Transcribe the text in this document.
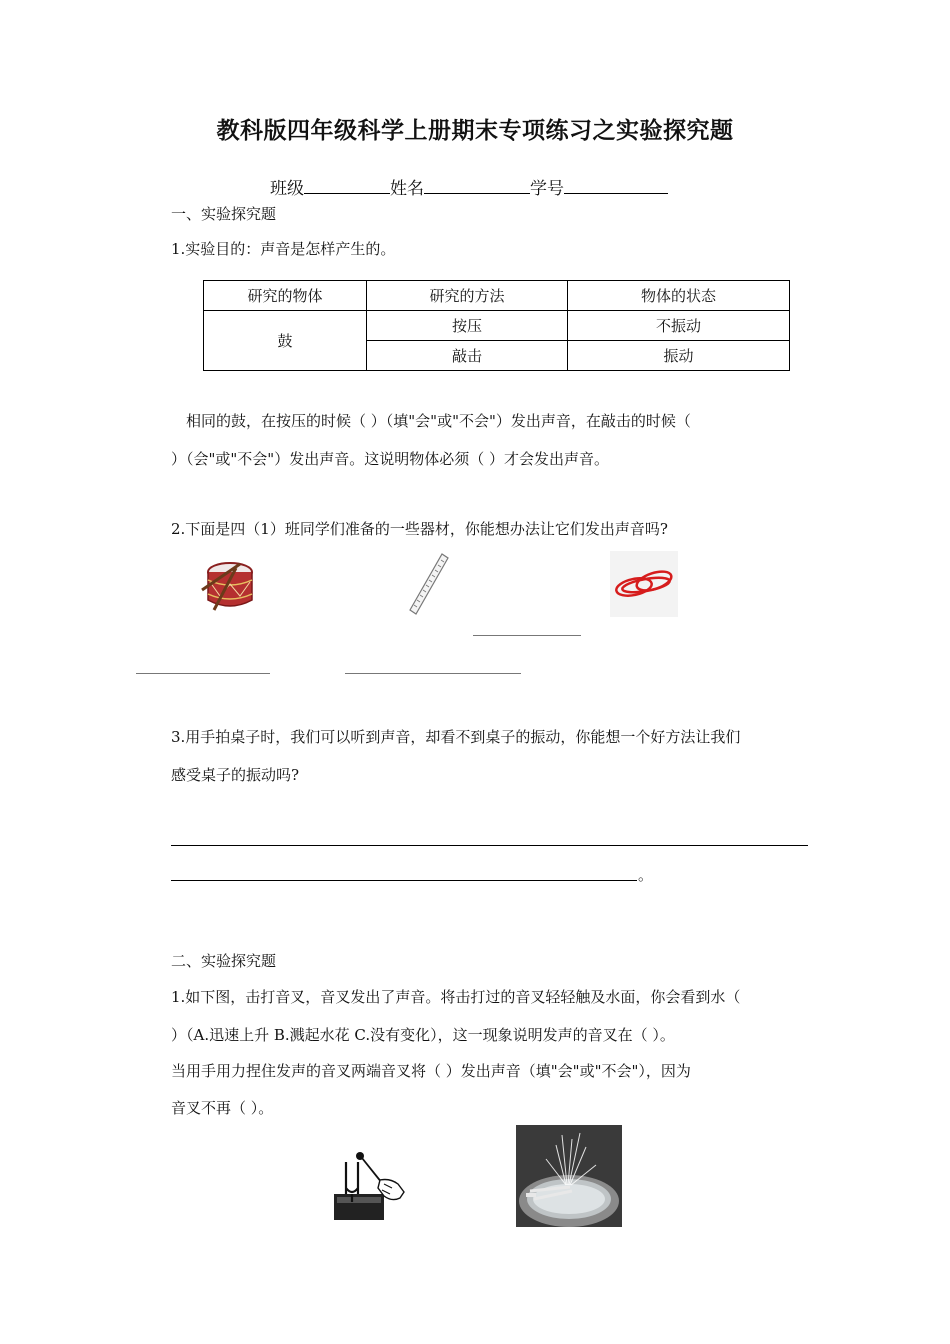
教科版四年级科学上册期末专项练习之实验探究题
班级	姓名	学号
一、实验探究题
1.实验目的：声音是怎样产生的。
研究的物体	研究的方法	物体的状态
鼓	按压	不振动
	敲击	振动
相同的鼓，在按压的时候（ ）（填"会"或"不会"）发出声音，在敲击的时候（
）（会"或"不会"）发出声音。这说明物体必须（ ）才会发出声音。
2.下面是四（1）班同学们准备的一些器材，你能想办法让它们发出声音吗?
3.用手拍桌子时，我们可以听到声音，却看不到桌子的振动，你能想一个好方法让我们
感受桌子的振动吗?
。
二、实验探究题
1.如下图，击打音叉，音叉发出了声音。将击打过的音叉轻轻触及水面，你会看到水（
）（A.迅速上升 B.溅起水花 C.没有变化），这一现象说明发声的音叉在（ ）。
当用手用力捏住发声的音叉两端音叉将（ ）发出声音（填"会"或"不会"），因为
音叉不再（ ）。
